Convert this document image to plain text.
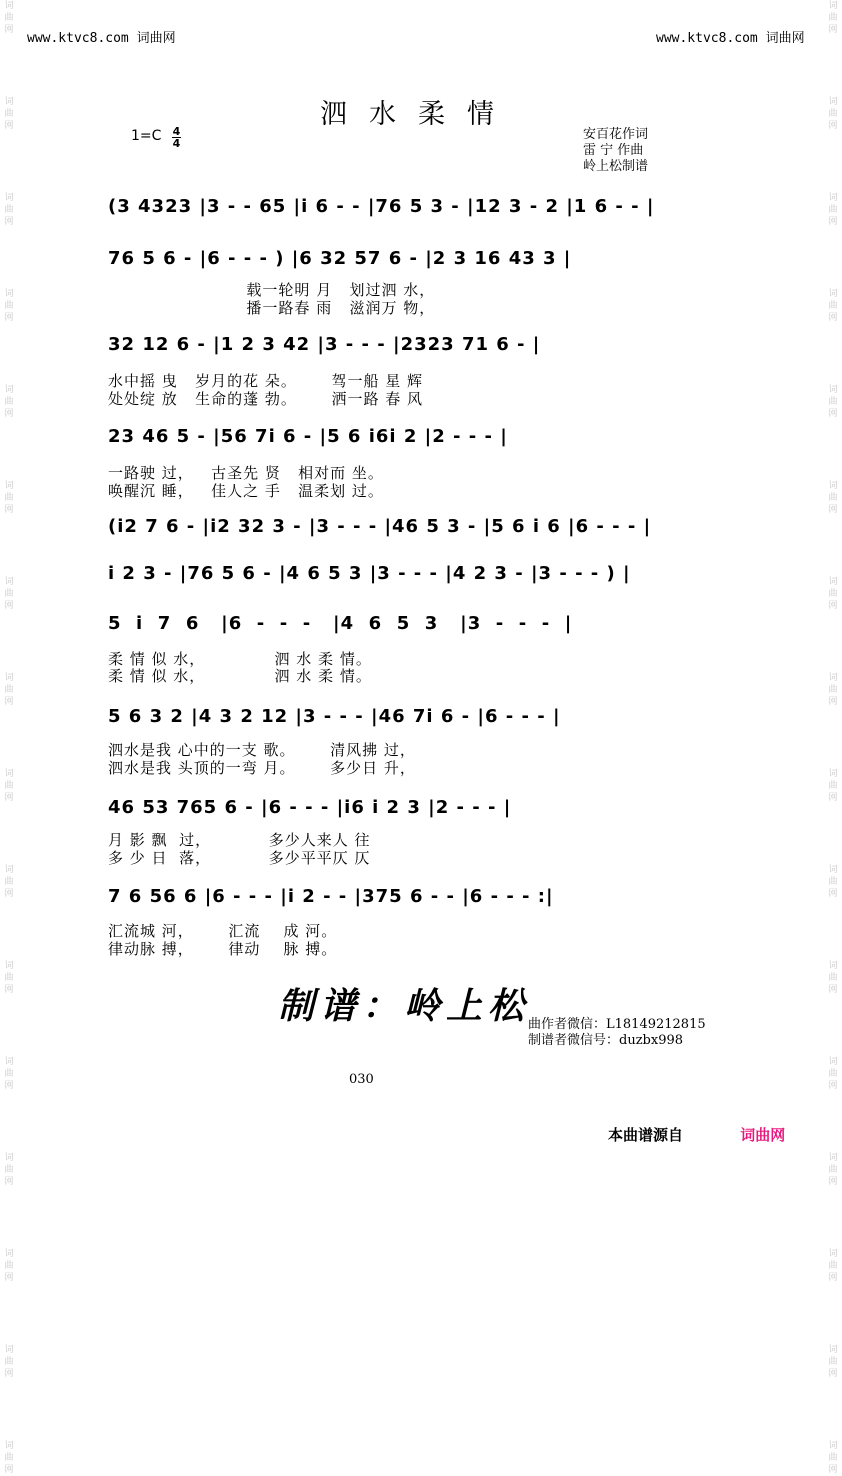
www.ktvc8.com 词曲网	www.ktvc8.com 词曲网
词
曲
网

词
曲
网

词
曲
网

词
曲
网

词
曲
网

词
曲
网

词
曲
网

词
曲
网

词
曲
网

词
曲
网

词
曲
网

词
曲
网

词
曲
网

词
曲
网

词
曲
网

词
曲
网
词
曲
网

词
曲
网

词
曲
网

词
曲
网

词
曲
网

词
曲
网

词
曲
网

词
曲
网

词
曲
网

词
曲
网

词
曲
网

词
曲
网

词
曲
网

词
曲
网

词
曲
网

词
曲
网
泗水柔情
1=C 4
4
安百花作词
雷 宁 作曲
岭上松制谱
(3 4323 |3 - - 65 |i 6 - - |76 5 3 - |12 3 - 2 |1 6 - - |
76 5 6 - |6 - - - ) |6 32 57 6 - |2 3 16 43 3 |
载一轮明 月   划过泗 水，
播一路春 雨   滋润万 物，
32 12 6 - |1 2 3 42 |3 - - - |2323 71 6 - |
水中摇 曳   岁月的花 朵。      驾一船 星 辉
处处绽 放   生命的蓬 勃。      洒一路 春 风
23 46 5 - |56 7i 6 - |5 6 i6i 2 |2 - - - |
一路驶 过，   古圣先 贤   相对而 坐。
唤醒沉 睡，   佳人之 手   温柔划 过。
(i2 7 6 - |i2 32 3 - |3 - - - |46 5 3 - |5 6 i 6 |6 - - - |
i 2 3 - |76 5 6 - |4 6 5 3 |3 - - - |4 2 3 - |3 - - - ) |
5  i  7  6   |6  -  -  -   |4  6  5  3   |3  -  -  -  |
柔 情 似 水，            泗 水 柔 情。
柔 情 似 水，            泗 水 柔 情。
5 6 3 2 |4 3 2 12 |3 - - - |46 7i 6 - |6 - - - |
泗水是我 心中的一支 歌。      清风拂 过，
泗水是我 头顶的一弯 月。      多少日 升，
46 53 765 6 - |6 - - - |i6 i 2 3 |2 - - - |
月 影 飘  过，          多少人来人 往
多 少 日  落，          多少平平仄 仄
7 6 56 6 |6 - - - |i 2 - - |375 6 - - |6 - - - :|
汇流城 河，      汇流    成 河。
律动脉 搏，      律动    脉 搏。
制谱：岭上松
曲作者微信：L18149212815
制谱者微信号：duzbx998
030
本曲谱源自	词曲网
